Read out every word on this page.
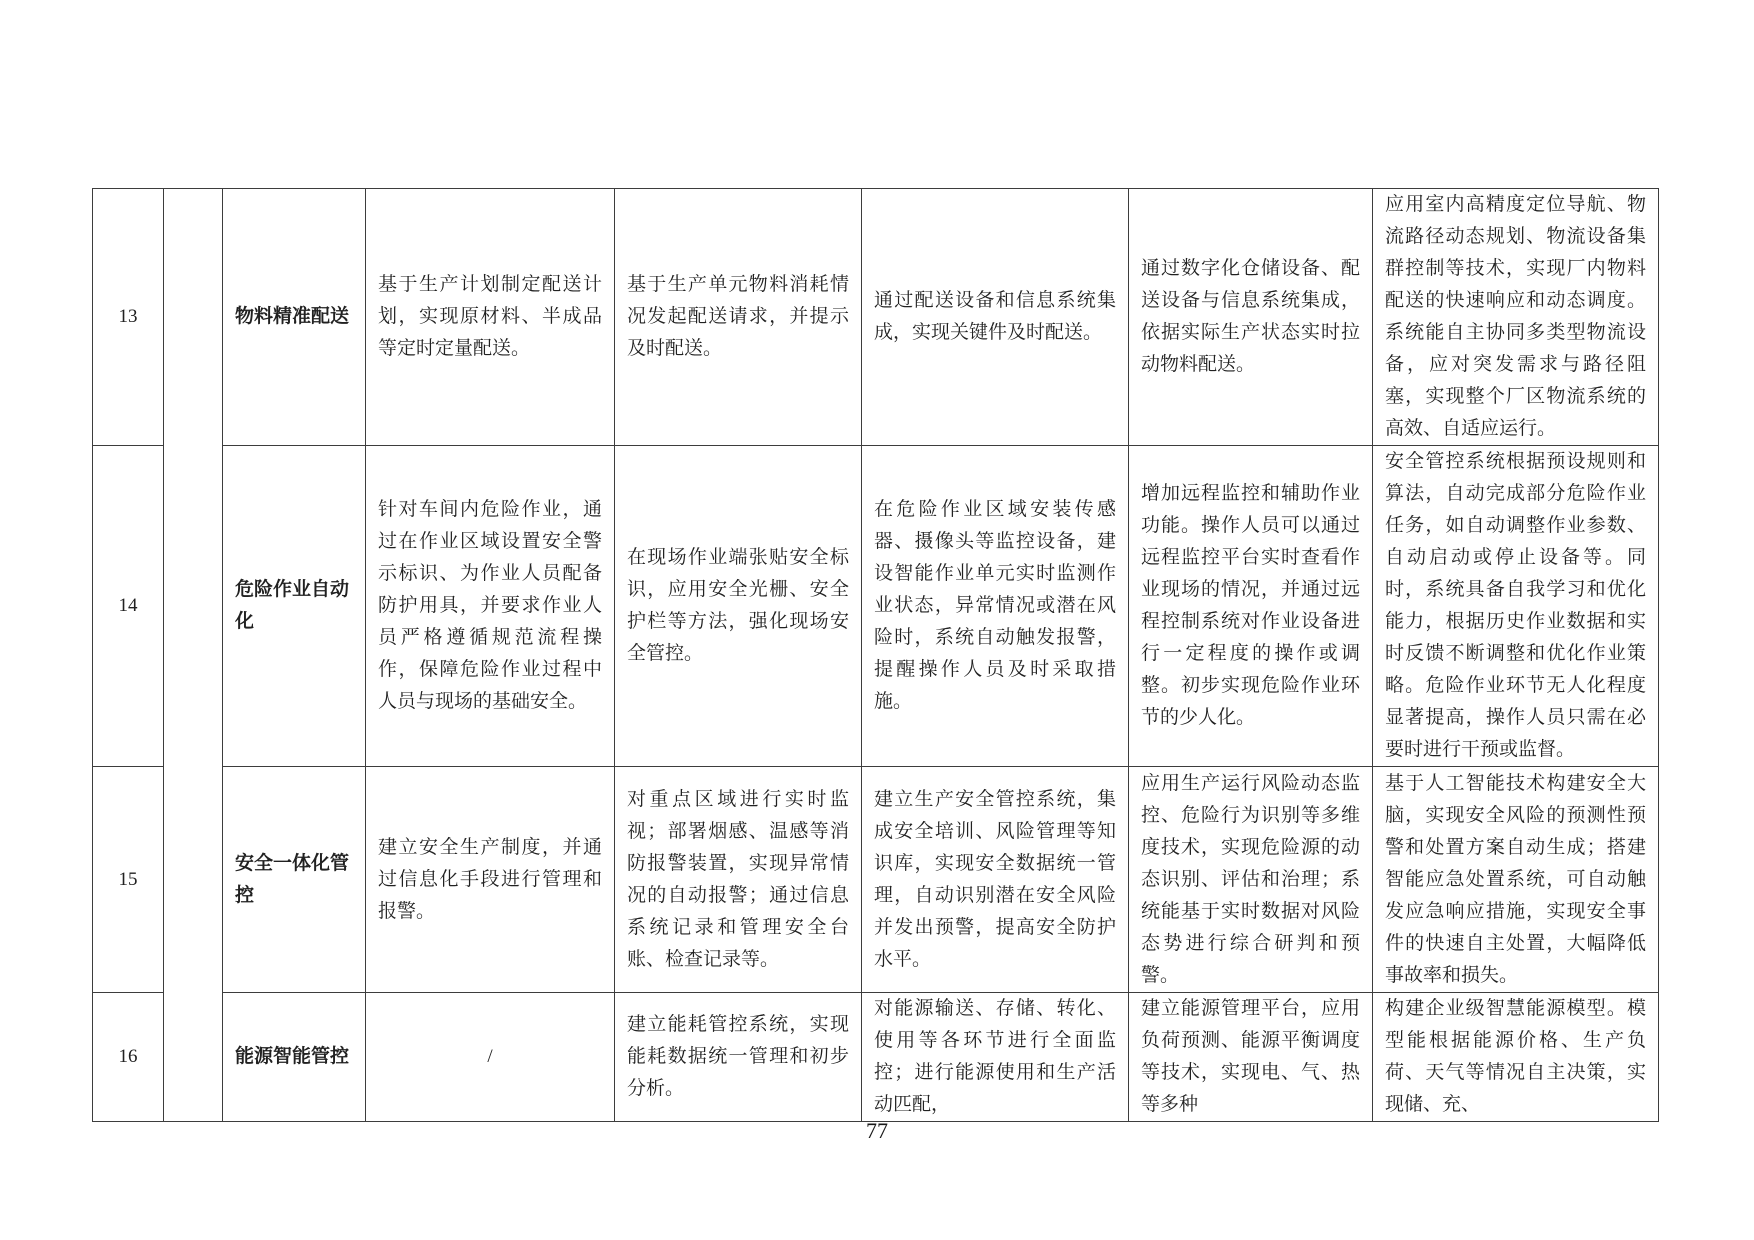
13		物料精准配送	基于生产计划制定配送计划，实现原材料、半成品等定时定量配送。	基于生产单元物料消耗情况发起配送请求，并提示及时配送。	通过配送设备和信息系统集成，实现关键件及时配送。	通过数字化仓储设备、配送设备与信息系统集成，依据实际生产状态实时拉动物料配送。	应用室内高精度定位导航、物流路径动态规划、物流设备集群控制等技术，实现厂内物料配送的快速响应和动态调度。系统能自主协同多类型物流设备，应对突发需求与路径阻塞，实现整个厂区物流系统的高效、自适应运行。
14		危险作业自动化	针对车间内危险作业，通过在作业区域设置安全警示标识、为作业人员配备防护用具，并要求作业人员严格遵循规范流程操作，保障危险作业过程中人员与现场的基础安全。	在现场作业端张贴安全标识，应用安全光栅、安全护栏等方法，强化现场安全管控。	在危险作业区域安装传感器、摄像头等监控设备，建设智能作业单元实时监测作业状态，异常情况或潜在风险时，系统自动触发报警，提醒操作人员及时采取措施。	增加远程监控和辅助作业功能。操作人员可以通过远程监控平台实时查看作业现场的情况，并通过远程控制系统对作业设备进行一定程度的操作或调整。初步实现危险作业环节的少人化。	安全管控系统根据预设规则和算法，自动完成部分危险作业任务，如自动调整作业参数、自动启动或停止设备等。同时，系统具备自我学习和优化能力，根据历史作业数据和实时反馈不断调整和优化作业策略。危险作业环节无人化程度显著提高，操作人员只需在必要时进行干预或监督。
15		安全一体化管控	建立安全生产制度，并通过信息化手段进行管理和报警。	对重点区域进行实时监视；部署烟感、温感等消防报警装置，实现异常情况的自动报警；通过信息系统记录和管理安全台账、检查记录等。	建立生产安全管控系统，集成安全培训、风险管理等知识库，实现安全数据统一管理，自动识别潜在安全风险并发出预警，提高安全防护水平。	应用生产运行风险动态监控、危险行为识别等多维度技术，实现危险源的动态识别、评估和治理；系统能基于实时数据对风险态势进行综合研判和预警。	基于人工智能技术构建安全大脑，实现安全风险的预测性预警和处置方案自动生成；搭建智能应急处置系统，可自动触发应急响应措施，实现安全事件的快速自主处置，大幅降低事故率和损失。
16		能源智能管控	/	建立能耗管控系统，实现能耗数据统一管理和初步分析。	对能源输送、存储、转化、使用等各环节进行全面监控；进行能源使用和生产活动匹配，	建立能源管理平台，应用负荷预测、能源平衡调度等技术，实现电、气、热等多种	构建企业级智慧能源模型。模型能根据能源价格、生产负荷、天气等情况自主决策，实现储、充、
77
